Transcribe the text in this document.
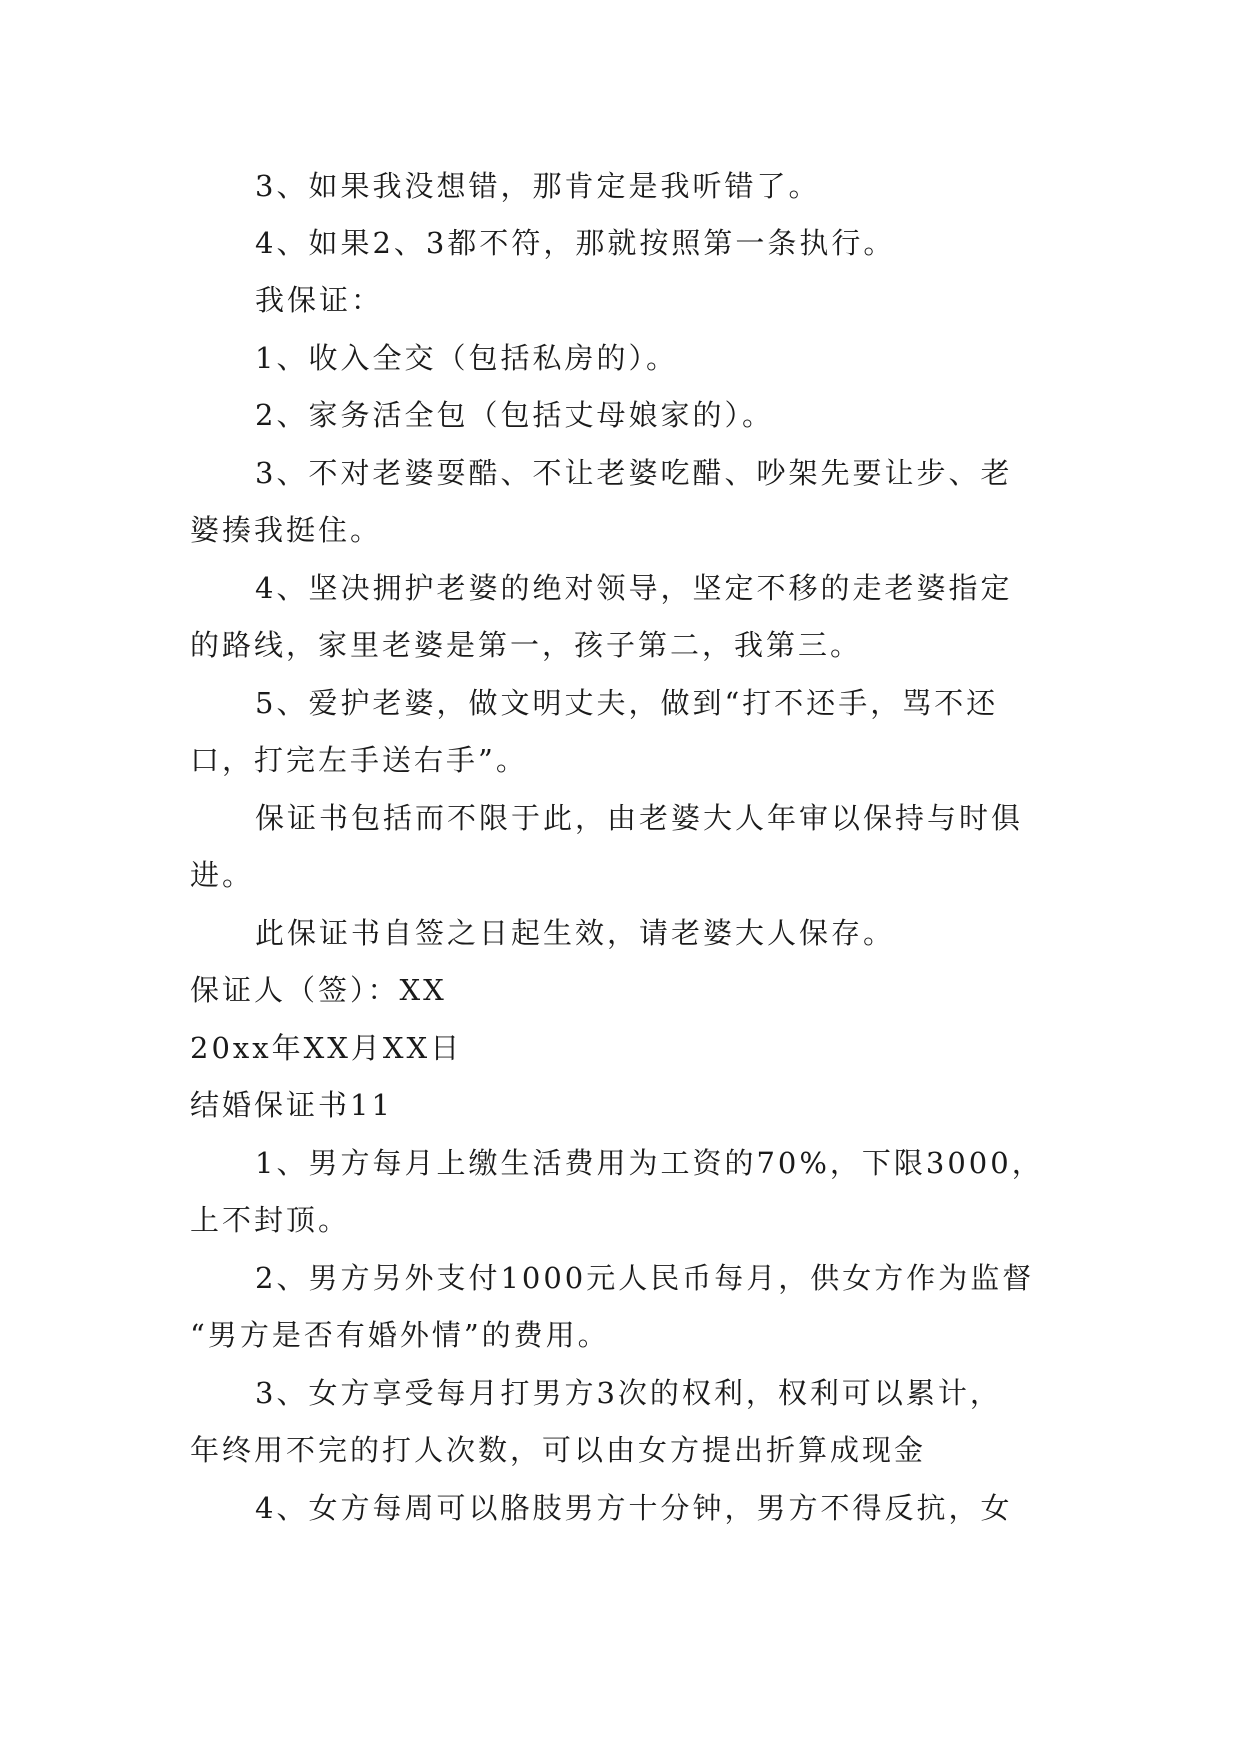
3、如果我没想错，那肯定是我听错了。
4、如果2、3都不符，那就按照第一条执行。
我保证：
1、收入全交（包括私房的）。
2、家务活全包（包括丈母娘家的）。
3、不对老婆耍酷、不让老婆吃醋、吵架先要让步、老
婆揍我挺住。
4、坚决拥护老婆的绝对领导，坚定不移的走老婆指定
的路线，家里老婆是第一，孩子第二，我第三。
5、爱护老婆，做文明丈夫，做到“打不还手，骂不还
口，打完左手送右手”。
保证书包括而不限于此，由老婆大人年审以保持与时俱
进。
此保证书自签之日起生效，请老婆大人保存。
保证人（签）：XX
20xx年XX月XX日
结婚保证书11
1、男方每月上缴生活费用为工资的70%，下限3000，
上不封顶。
2、男方另外支付1000元人民币每月，供女方作为监督
“男方是否有婚外情”的费用。
3、女方享受每月打男方3次的权利，权利可以累计，
年终用不完的打人次数，可以由女方提出折算成现金
4、女方每周可以胳肢男方十分钟，男方不得反抗，女
